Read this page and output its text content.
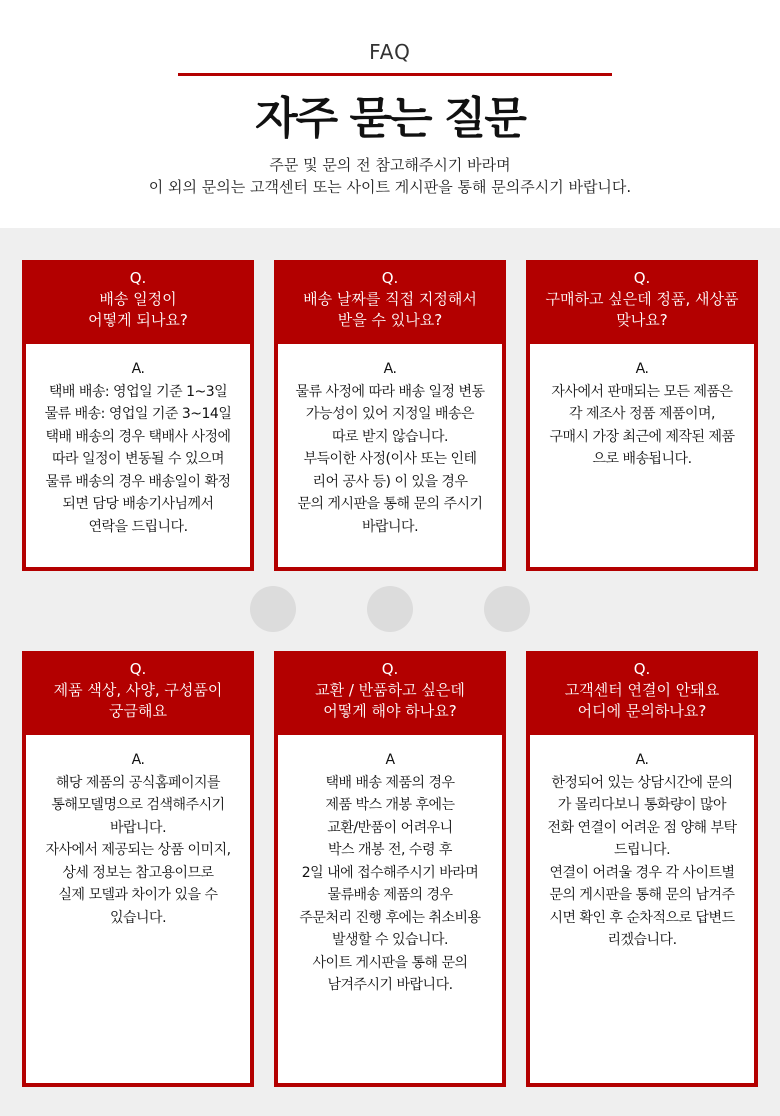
FAQ
자주 묻는 질문
주문 및 문의 전 참고해주시기 바라며
이 외의 문의는 고객센터 또는 사이트 게시판을 통해 문의주시기 바랍니다.
Q.
배송 일정이
어떻게 되나요?
A.
택배 배송: 영업일 기준 1~3일
물류 배송: 영업일 기준 3~14일
택배 배송의 경우 택배사 사정에
따라 일정이 변동될 수 있으며
물류 배송의 경우 배송일이 확정
되면 담당 배송기사님께서
연락을 드립니다.
Q.
배송 날짜를 직접 지정해서
받을 수 있나요?
A.
물류 사정에 따라 배송 일정 변동
가능성이 있어 지정일 배송은
따로 받지 않습니다.
부득이한 사정(이사 또는 인테
리어 공사 등) 이 있을 경우
문의 게시판을 통해 문의 주시기
바랍니다.
Q.
구매하고 싶은데 정품, 새상품
맞나요?
A.
자사에서 판매되는 모든 제품은
각 제조사 정품 제품이며,
구매시 가장 최근에 제작된 제품
으로 배송됩니다.
Q.
제품 색상, 사양, 구성품이
궁금해요
A.
해당 제품의 공식홈페이지를
통해모델명으로 검색해주시기
바랍니다.
자사에서 제공되는 상품 이미지,
상세 정보는 참고용이므로
실제 모델과 차이가 있을 수
있습니다.
Q.
교환 / 반품하고 싶은데
어떻게 해야 하나요?
A
택배 배송 제품의 경우
제품 박스 개봉 후에는
교환/반품이 어려우니
박스 개봉 전, 수령 후
2일 내에 접수해주시기 바라며
물류배송 제품의 경우
주문처리 진행 후에는 취소비용
발생할 수 있습니다.
사이트 게시판을 통해 문의
남겨주시기 바랍니다.
Q.
고객센터 연결이 안돼요
어디에 문의하나요?
A.
한정되어 있는 상담시간에 문의
가 몰리다보니 통화량이 많아
전화 연결이 어려운 점 양해 부탁
드립니다.
연결이 어려울 경우 각 사이트별
문의 게시판을 통해 문의 남겨주
시면 확인 후 순차적으로 답변드
리겠습니다.
